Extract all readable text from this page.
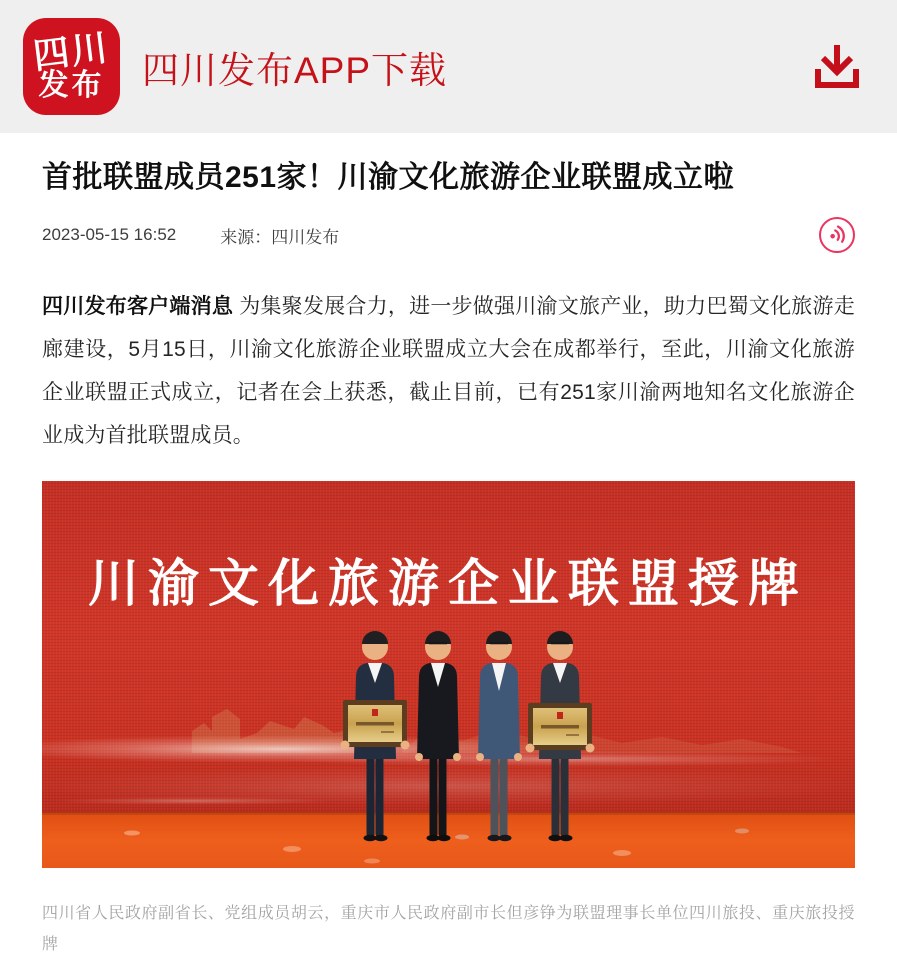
四川
发布 四川发布APP下载
首批联盟成员251家！川渝文化旅游企业联盟成立啦
2023-05-15 16:52	来源：四川发布

四川发布客户端消息 为集聚发展合力，进一步做强川渝文旅产业，助力巴蜀文化旅游走廊建设，5月15日，川渝文化旅游企业联盟成立大会在成都举行，至此，川渝文化旅游企业联盟正式成立，记者在会上获悉，截止目前，已有251家川渝两地知名文化旅游企业成为首批联盟成员。

川渝文化旅游企业联盟授牌

四川省人民政府副省长、党组成员胡云，重庆市人民政府副市长但彦铮为联盟理事长单位四川旅投、重庆旅投授牌
